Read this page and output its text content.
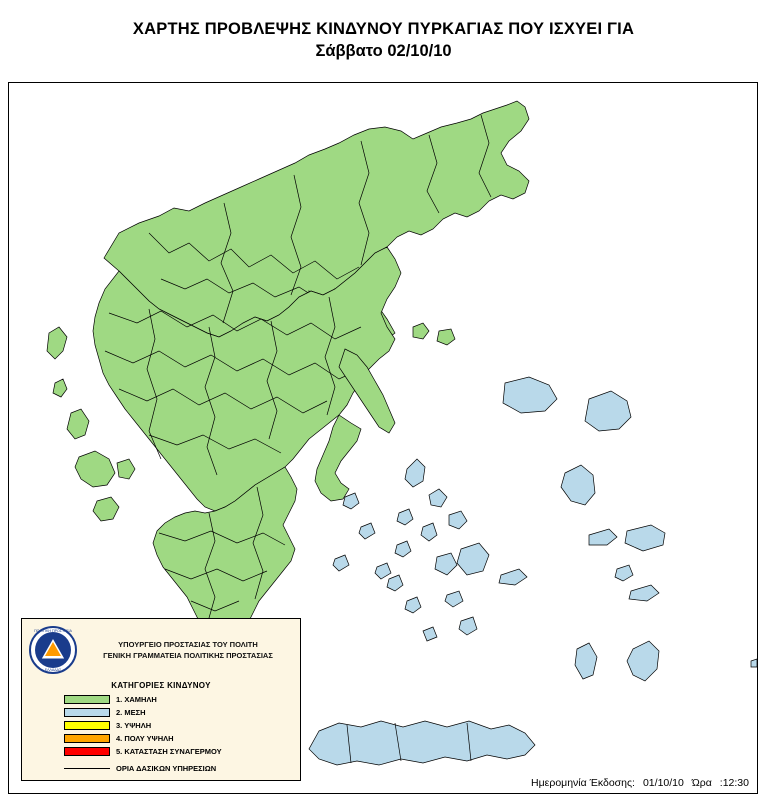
ΧΑΡΤΗΣ ΠΡΟΒΛΕΨΗΣ ΚΙΝΔΥΝΟΥ ΠΥΡΚΑΓΙΑΣ ΠΟΥ ΙΣΧΥΕΙ ΓΙΑ
Σάββατο 02/10/10
ΠΟΛΙΤΙΚΗ ΠΡΟΣΤΑΣΙΑ
ΕΛΛΑΔΑΣ
ΥΠΟΥΡΓΕΙΟ ΠΡΟΣΤΑΣΙΑΣ ΤΟΥ ΠΟΛΙΤΗ
ΓΕΝΙΚΗ ΓΡΑΜΜΑΤΕΙΑ ΠΟΛΙΤΙΚΗΣ ΠΡΟΣΤΑΣΙΑΣ
ΚΑΤΗΓΟΡΙΕΣ ΚΙΝΔΥΝΟΥ
1. ΧΑΜΗΛΗ
2. ΜΕΣΗ
3. ΥΨΗΛΗ
4. ΠΟΛΥ ΥΨΗΛΗ
5. ΚΑΤΑΣΤΑΣΗ ΣΥΝΑΓΕΡΜΟΥ
ΟΡΙΑ ΔΑΣΙΚΩΝ ΥΠΗΡΕΣΙΩΝ
Ημερομηνία Έκδοσης: 01/10/10 Ώρα :12:30
